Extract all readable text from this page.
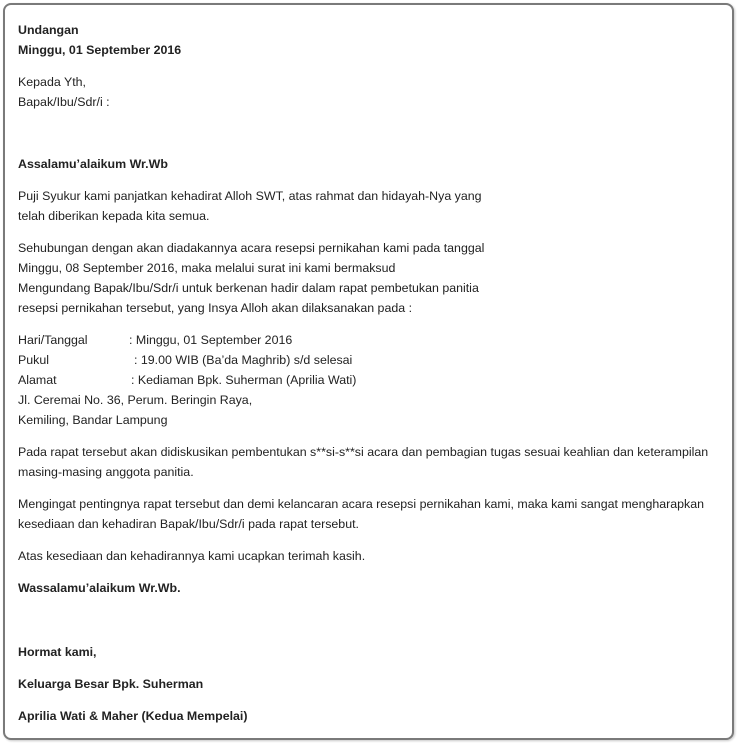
Undangan

Minggu, 01 September 2016

Kepada Yth,

Bapak/Ibu/Sdr/i :

Assalamu’alaikum Wr.Wb

Puji Syukur kami panjatkan kehadirat Alloh SWT, atas rahmat dan hidayah-Nya yang

telah diberikan kepada kita semua.

Sehubungan dengan akan diadakannya acara resepsi pernikahan kami pada tanggal

Minggu, 08 September 2016, maka melalui surat ini kami bermaksud

Mengundang Bapak/Ibu/Sdr/i untuk berkenan hadir dalam rapat pembetukan panitia

resepsi pernikahan tersebut, yang Insya Alloh akan dilaksanakan pada :

Hari/Tanggal	: Minggu, 01 September 2016
Pukul	: 19.00 WIB (Ba’da Maghrib) s/d selesai
Alamat	: Kediaman Bpk. Suherman (Aprilia Wati)

Jl. Ceremai No. 36, Perum. Beringin Raya,

Kemiling, Bandar Lampung

Pada rapat tersebut akan didiskusikan pembentukan s**si-s**si acara dan pembagian tugas sesuai keahlian dan keterampilan

masing-masing anggota panitia.

Mengingat pentingnya rapat tersebut dan demi kelancaran acara resepsi pernikahan kami, maka kami sangat mengharapkan

kesediaan dan kehadiran Bapak/Ibu/Sdr/i pada rapat tersebut.

Atas kesediaan dan kehadirannya kami ucapkan terimah kasih.

Wassalamu’alaikum Wr.Wb.

Hormat kami,

Keluarga Besar Bpk. Suherman

Aprilia Wati & Maher (Kedua Mempelai)
